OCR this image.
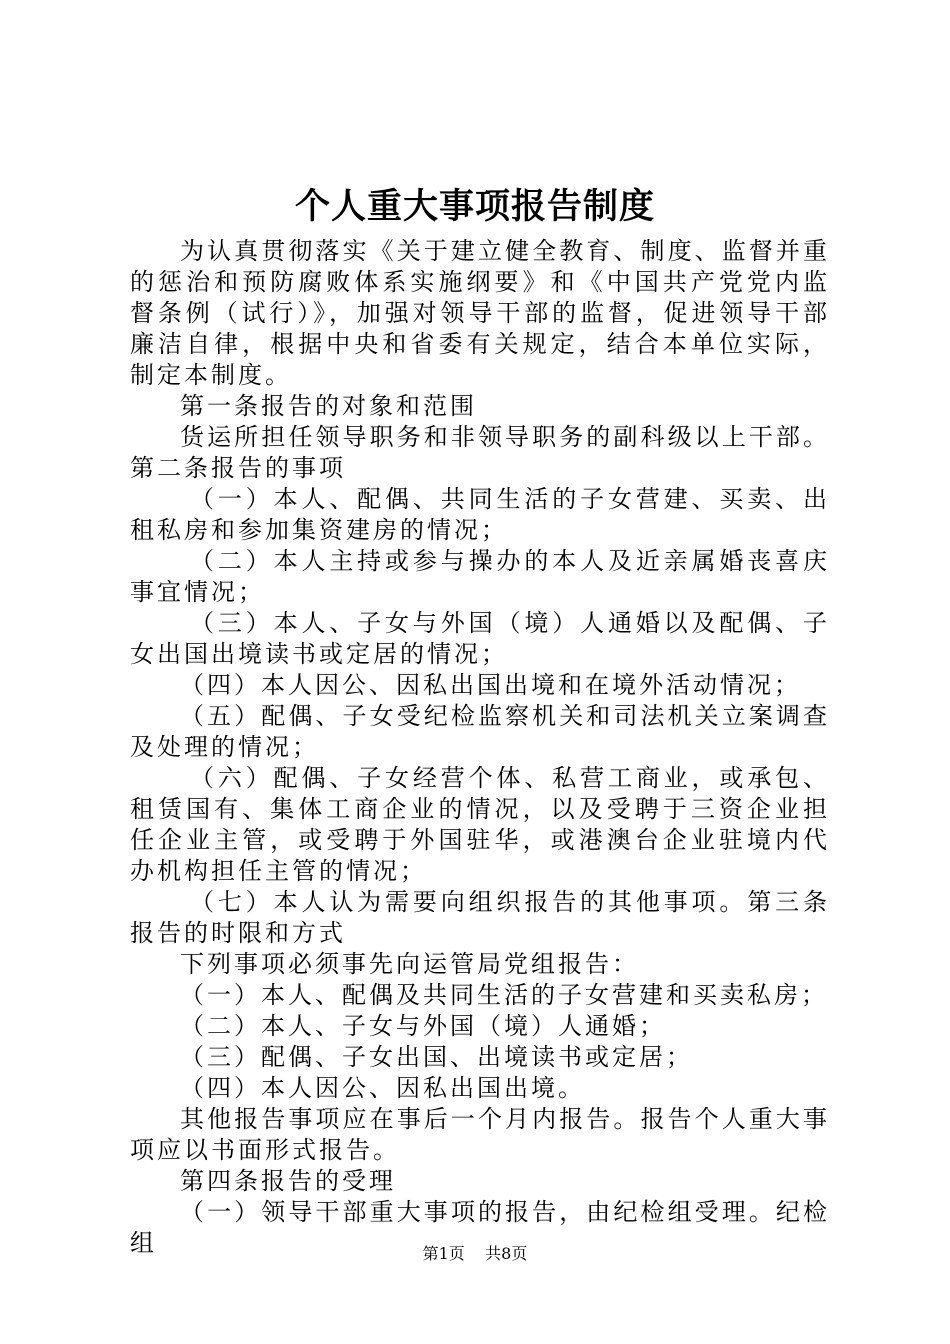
个人重大事项报告制度

为认真贯彻落实《关于建立健全教育、制度、监督并重的惩治和预防腐败体系实施纲要》和《中国共产党党内监督条例（试行）》，加强对领导干部的监督，促进领导干部廉洁自律，根据中央和省委有关规定，结合本单位实际，制定本制度。

第一条报告的对象和范围

货运所担任领导职务和非领导职务的副科级以上干部。第二条报告的事项

（一）本人、配偶、共同生活的子女营建、买卖、出租私房和参加集资建房的情况；

（二）本人主持或参与操办的本人及近亲属婚丧喜庆事宜情况；

（三）本人、子女与外国（境）人通婚以及配偶、子女出国出境读书或定居的情况；

（四）本人因公、因私出国出境和在境外活动情况；

（五）配偶、子女受纪检监察机关和司法机关立案调查及处理的情况；

（六）配偶、子女经营个体、私营工商业，或承包、租赁国有、集体工商企业的情况，以及受聘于三资企业担任企业主管，或受聘于外国驻华，或港澳台企业驻境内代办机构担任主管的情况；

（七）本人认为需要向组织报告的其他事项。第三条报告的时限和方式

下列事项必须事先向运管局党组报告：

（一）本人、配偶及共同生活的子女营建和买卖私房；

（二）本人、子女与外国（境）人通婚；

（三）配偶、子女出国、出境读书或定居；

（四）本人因公、因私出国出境。

其他报告事项应在事后一个月内报告。报告个人重大事项应以书面形式报告。

第四条报告的受理

（一）领导干部重大事项的报告，由纪检组受理。纪检组	第1页 共8页
